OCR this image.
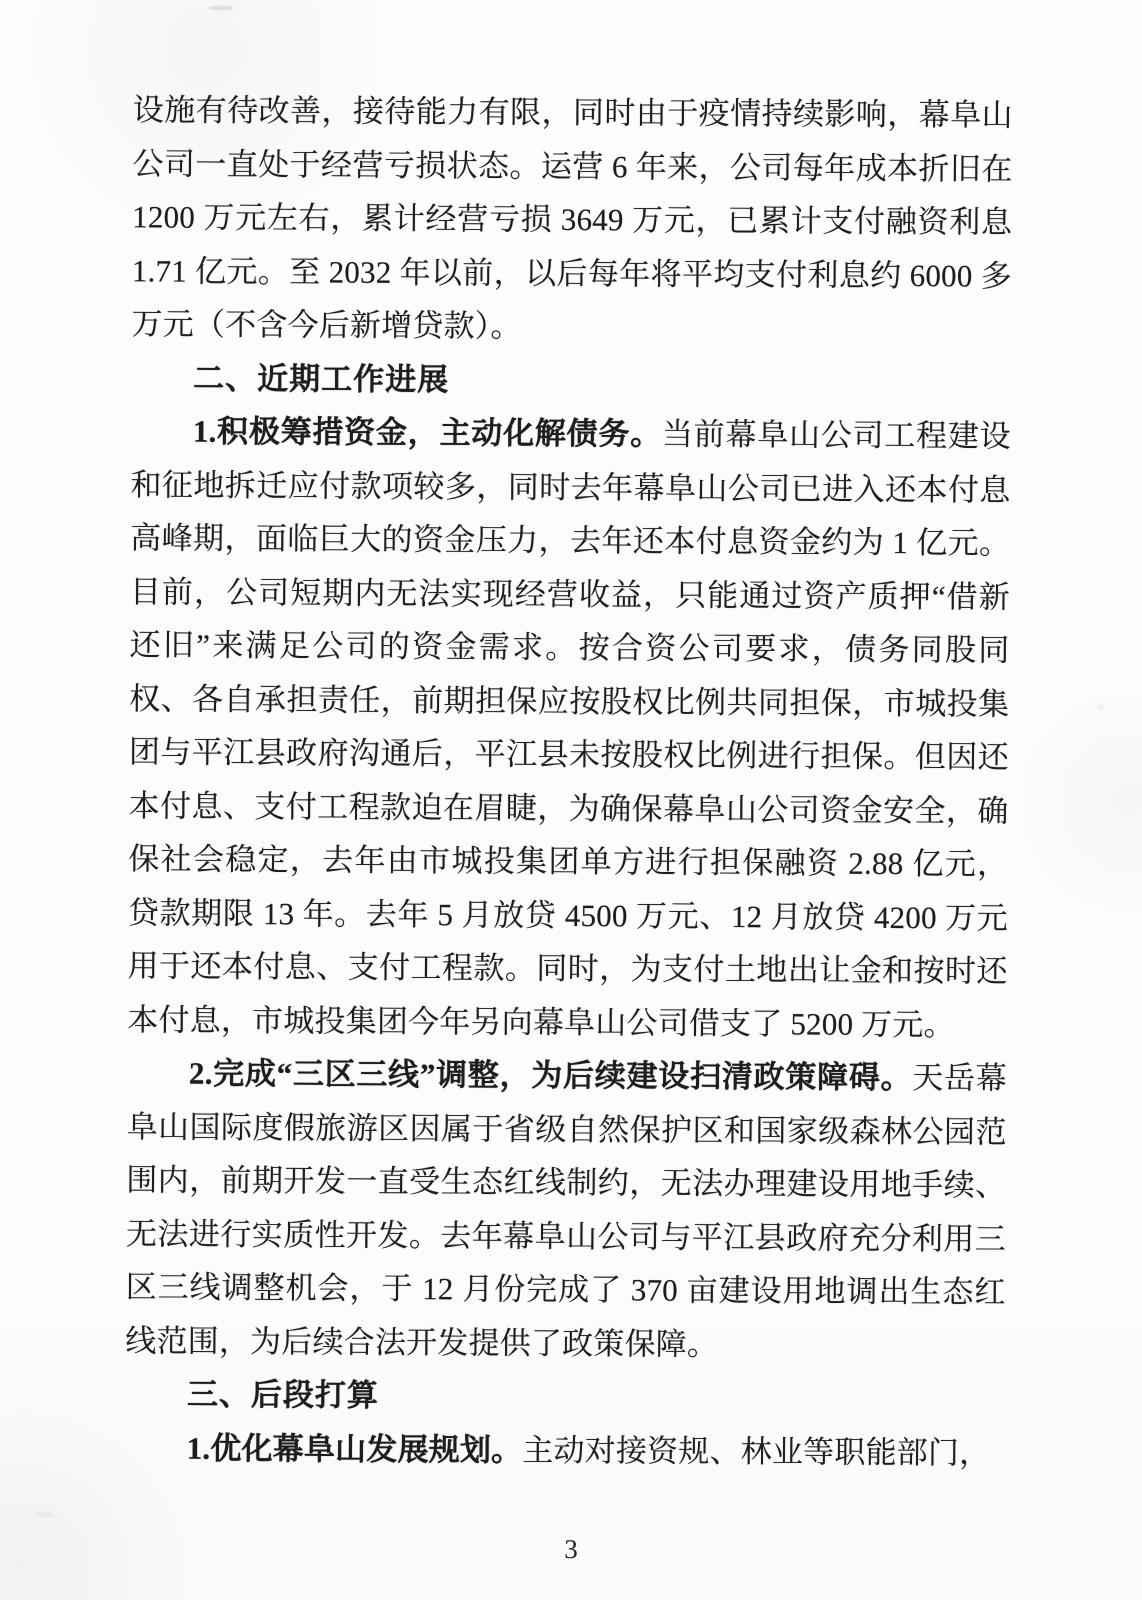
设施有待改善，接待能力有限，同时由于疫情持续影响，幕阜山公司一直处于经营亏损状态。运营 6 年来，公司每年成本折旧在 1200 万元左右，累计经营亏损 3649 万元，已累计支付融资利息 1.71 亿元。至 2032 年以前，以后每年将平均支付利息约 6000 多万元（不含今后新增贷款）。

二、近期工作进展

1.积极筹措资金，主动化解债务。当前幕阜山公司工程建设和征地拆迁应付款项较多，同时去年幕阜山公司已进入还本付息高峰期，面临巨大的资金压力，去年还本付息资金约为 1 亿元。目前，公司短期内无法实现经营收益，只能通过资产质押“借新还旧”来满足公司的资金需求。按合资公司要求，债务同股同权、各自承担责任，前期担保应按股权比例共同担保，市城投集团与平江县政府沟通后，平江县未按股权比例进行担保。但因还本付息、支付工程款迫在眉睫，为确保幕阜山公司资金安全，确保社会稳定，去年由市城投集团单方进行担保融资 2.88 亿元，贷款期限 13 年。去年 5 月放贷 4500 万元、12 月放贷 4200 万元用于还本付息、支付工程款。同时，为支付土地出让金和按时还本付息，市城投集团今年另向幕阜山公司借支了 5200 万元。

2.完成“三区三线”调整，为后续建设扫清政策障碍。天岳幕阜山国际度假旅游区因属于省级自然保护区和国家级森林公园范围内，前期开发一直受生态红线制约，无法办理建设用地手续、无法进行实质性开发。去年幕阜山公司与平江县政府充分利用三区三线调整机会，于 12 月份完成了 370 亩建设用地调出生态红线范围，为后续合法开发提供了政策保障。

三、后段打算

1.优化幕阜山发展规划。主动对接资规、林业等职能部门，

3
